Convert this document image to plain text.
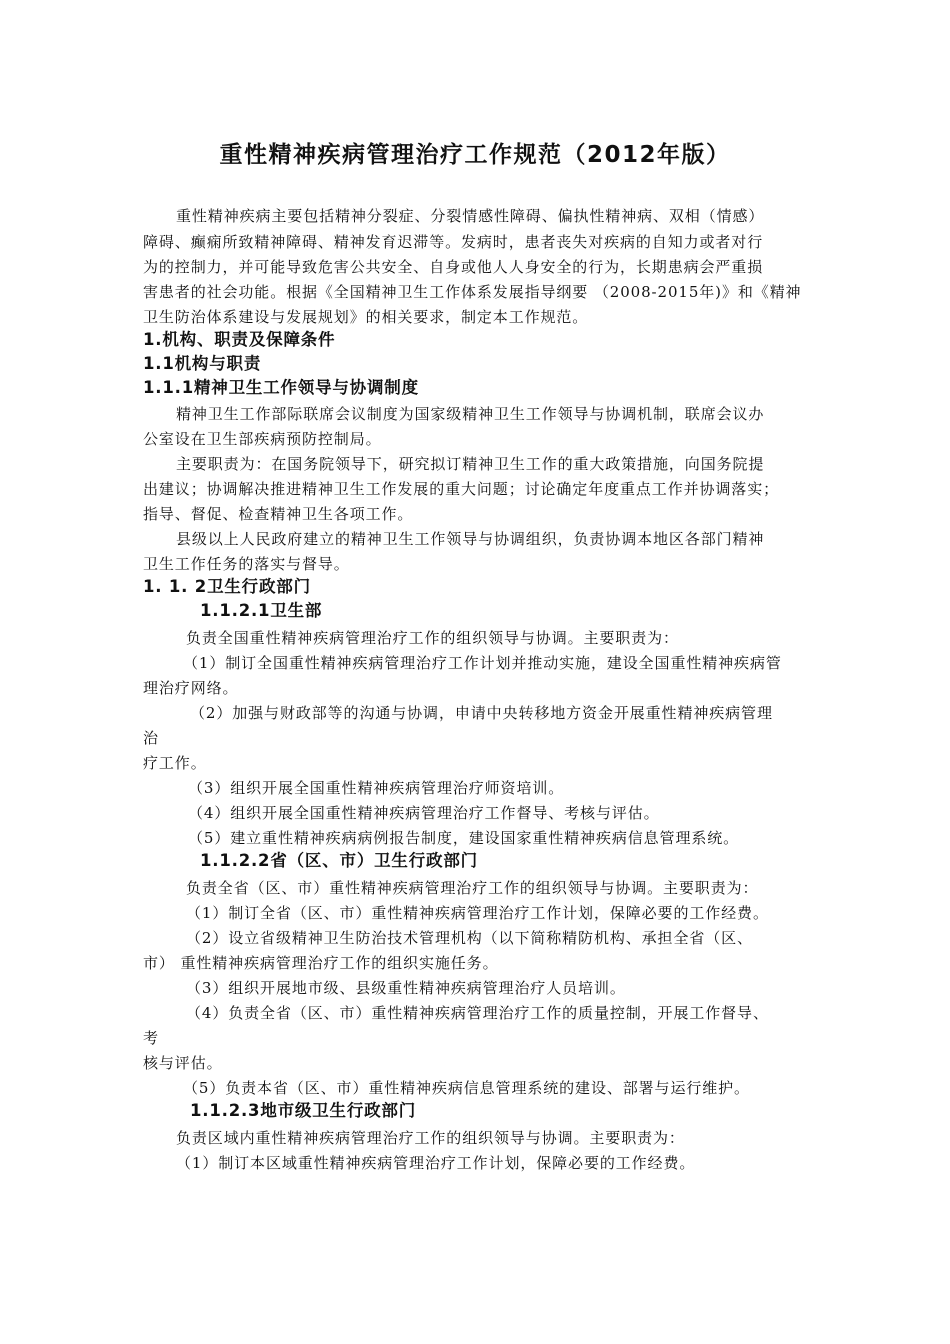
重性精神疾病管理治疗工作规范（2012年版）
重性精神疾病主要包括精神分裂症、分裂情感性障碍、偏执性精神病、双相（情感）
障碍、癫痫所致精神障碍、精神发育迟滞等。发病时，患者丧失对疾病的自知力或者对行
为的控制力，并可能导致危害公共安全、自身或他人人身安全的行为，长期患病会严重损
害患者的社会功能。根据《全国精神卫生工作体系发展指导纲要 （2008-2015年)》和《精神
卫生防治体系建设与发展规划》的相关要求，制定本工作规范。
1.机构、职责及保障条件
1.1机构与职责
1.1.1精神卫生工作领导与协调制度
精神卫生工作部际联席会议制度为国家级精神卫生工作领导与协调机制，联席会议办
公室设在卫生部疾病预防控制局。
主要职责为：在国务院领导下，研究拟订精神卫生工作的重大政策措施，向国务院提
出建议；协调解决推进精神卫生工作发展的重大问题；讨论确定年度重点工作并协调落实；
指导、督促、检查精神卫生各项工作。
县级以上人民政府建立的精神卫生工作领导与协调组织，负责协调本地区各部门精神
卫生工作任务的落实与督导。
1. 1. 2卫生行政部门
1.1.2.1卫生部
负责全国重性精神疾病管理治疗工作的组织领导与协调。主要职责为：
（1）制订全国重性精神疾病管理治疗工作计划并推动实施，建设全国重性精神疾病管
理治疗网络。
（2）加强与财政部等的沟通与协调，申请中央转移地方资金开展重性精神疾病管理
治
疗工作。
（3）组织开展全国重性精神疾病管理治疗师资培训。
（4）组织开展全国重性精神疾病管理治疗工作督导、考核与评估。
（5）建立重性精神疾病病例报告制度，建设国家重性精神疾病信息管理系统。
1.1.2.2省（区、市）卫生行政部门
负责全省（区、市）重性精神疾病管理治疗工作的组织领导与协调。主要职责为：
（1）制订全省（区、市）重性精神疾病管理治疗工作计划，保障必要的工作经费。
（2）设立省级精神卫生防治技术管理机构（以下简称精防机构、承担全省（区、
市） 重性精神疾病管理治疗工作的组织实施任务。
（3）组织开展地市级、县级重性精神疾病管理治疗人员培训。
（4）负责全省（区、市）重性精神疾病管理治疗工作的质量控制，开展工作督导、
考
核与评估。
（5）负责本省（区、市）重性精神疾病信息管理系统的建设、部署与运行维护。
1.1.2.3地市级卫生行政部门
负责区域内重性精神疾病管理治疗工作的组织领导与协调。主要职责为：
（1）制订本区域重性精神疾病管理治疗工作计划，保障必要的工作经费。
